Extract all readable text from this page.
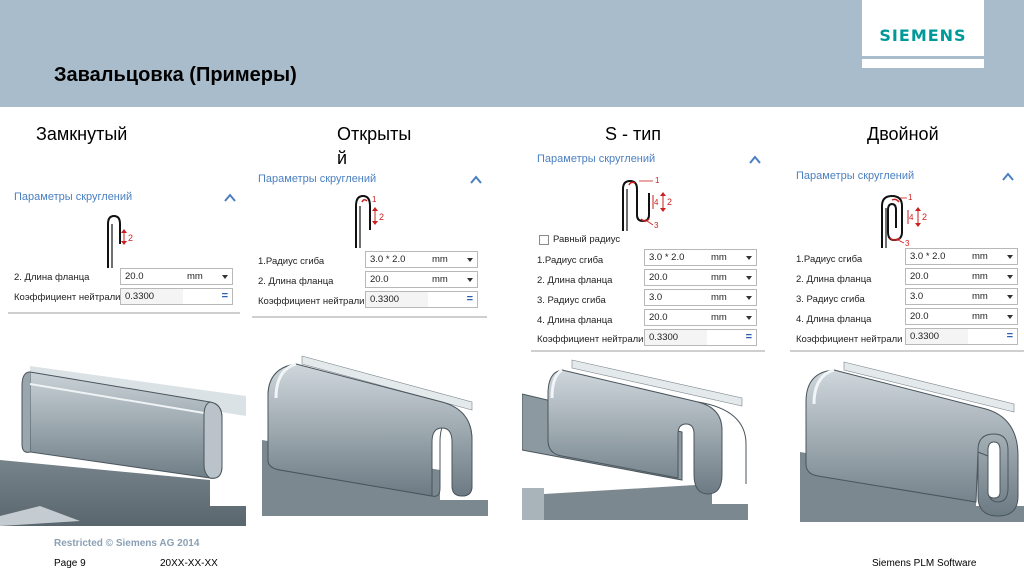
Завальцовка (Примеры)
SIEMENS
Замкнутый	Открыты
й
S - тип	Двойной
Параметры скруглений
2
2. Длина фланца	20.0	mm
Коэффициент нейтрали 0.3300	=
Параметры скруглений
1
2
1.Радиус сгиба	3.0 * 2.0	mm
2. Длина фланца	20.0	mm
Коэффициент нейтрали 0.3300	=
Параметры скруглений
1
4 2
3
Равный радиус
1.Радиус сгиба	3.0 * 2.0	mm
2. Длина фланца	20.0	mm
3. Радиус сгиба	3.0	mm
4. Длина фланца	20.0	mm
Коэффициент нейтрали 0.3300	=
Параметры скруглений
1
4 2
3
1.Радиус сгиба	3.0 * 2.0	mm
2. Длина фланца	20.0	mm
3. Радиус сгиба	3.0	mm
4. Длина фланца	20.0	mm
Коэффициент нейтрали 0.3300	=
Restricted © Siemens AG 2014
Page 9	20XX-XX-XX	Siemens PLM Software
